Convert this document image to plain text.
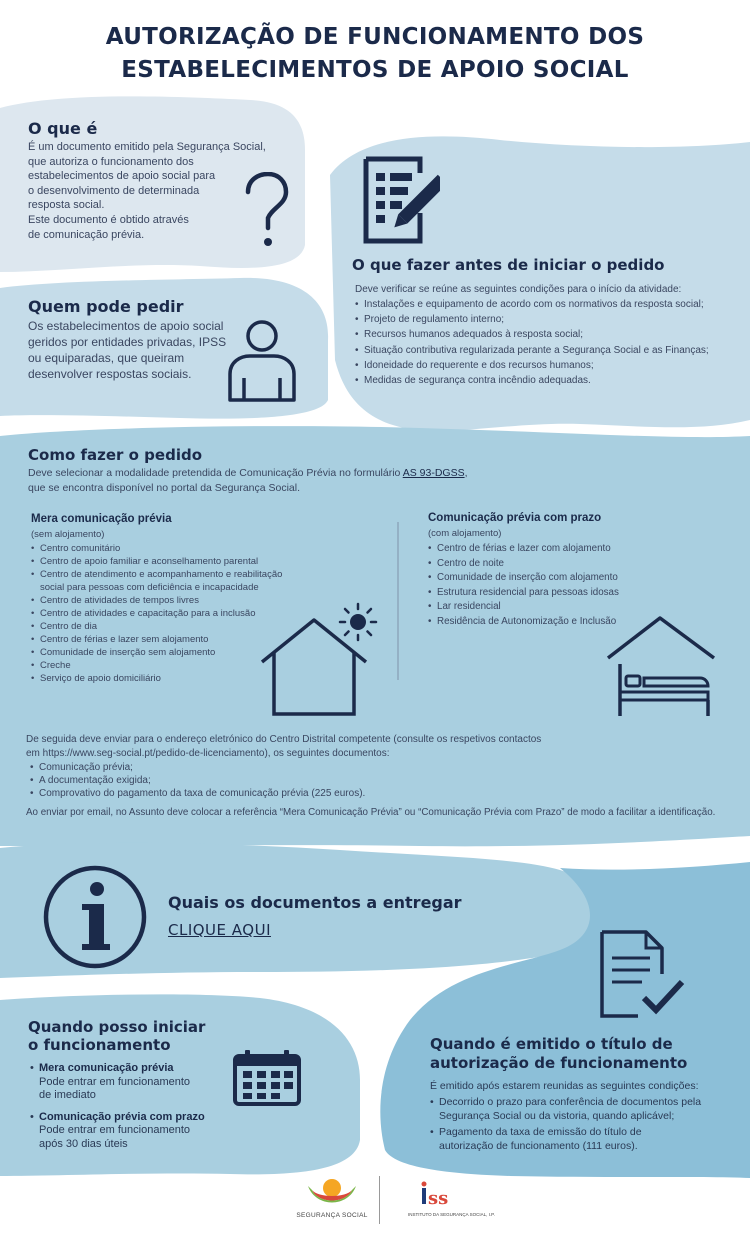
AUTORIZAÇÃO DE FUNCIONAMENTO DOS
ESTABELECIMENTOS DE APOIO SOCIAL
O que é
É um documento emitido pela Segurança Social,
que autoriza o funcionamento dos
estabelecimentos de apoio social para
o desenvolvimento de determinada
resposta social.
Este documento é obtido através
de comunicação prévia.
Quem pode pedir
Os estabelecimentos de apoio social
geridos por entidades privadas, IPSS
ou equiparadas, que queiram
desenvolver respostas sociais.
O que fazer antes de iniciar o pedido
Deve verificar se reúne as seguintes condições para o início da atividade:
• Instalações e equipamento de acordo com os normativos da resposta social;
• Projeto de regulamento interno;
• Recursos humanos adequados à resposta social;
• Situação contributiva regularizada perante a Segurança Social e as Finanças;
• Idoneidade do requerente e dos recursos humanos;
• Medidas de segurança contra incêndio adequadas.
Como fazer o pedido
Deve selecionar a modalidade pretendida de Comunicação Prévia no formulário AS 93-DGSS,
que se encontra disponível no portal da Segurança Social.
Mera comunicação prévia
(sem alojamento)
• Centro comunitário
• Centro de apoio familiar e aconselhamento parental
• Centro de atendimento e acompanhamento e reabilitação
social para pessoas com deficiência e incapacidade
• Centro de atividades de tempos livres
• Centro de atividades e capacitação para a inclusão
• Centro de dia
• Centro de férias e lazer sem alojamento
• Comunidade de inserção sem alojamento
• Creche
• Serviço de apoio domiciliário
Comunicação prévia com prazo
(com alojamento)
• Centro de férias e lazer com alojamento
• Centro de noite
• Comunidade de inserção com alojamento
• Estrutura residencial para pessoas idosas
• Lar residencial
• Residência de Autonomização e Inclusão
De seguida deve enviar para o endereço eletrónico do Centro Distrital competente (consulte os respetivos contactos
em https://www.seg-social.pt/pedido-de-licenciamento), os seguintes documentos:
• Comunicação prévia;
• A documentação exigida;
• Comprovativo do pagamento da taxa de comunicação prévia (225 euros).
Ao enviar por email, no Assunto deve colocar a referência “Mera Comunicação Prévia” ou “Comunicação Prévia com Prazo” de modo a facilitar a identificação.
Quais os documentos a entregar
CLIQUE AQUI
Quando posso iniciar
o funcionamento
• Mera comunicação prévia
Pode entrar em funcionamento
de imediato
• Comunicação prévia com prazo
Pode entrar em funcionamento
após 30 dias úteis
Quando é emitido o título de
autorização de funcionamento
É emitido após estarem reunidas as seguintes condições:
• Decorrido o prazo para conferência de documentos pela
Segurança Social ou da vistoria, quando aplicável;
• Pagamento da taxa de emissão do título de
autorização de funcionamento (111 euros).
SEGURANÇA SOCIAL
ss
INSTITUTO DA SEGURANÇA SOCIAL, I.P.
